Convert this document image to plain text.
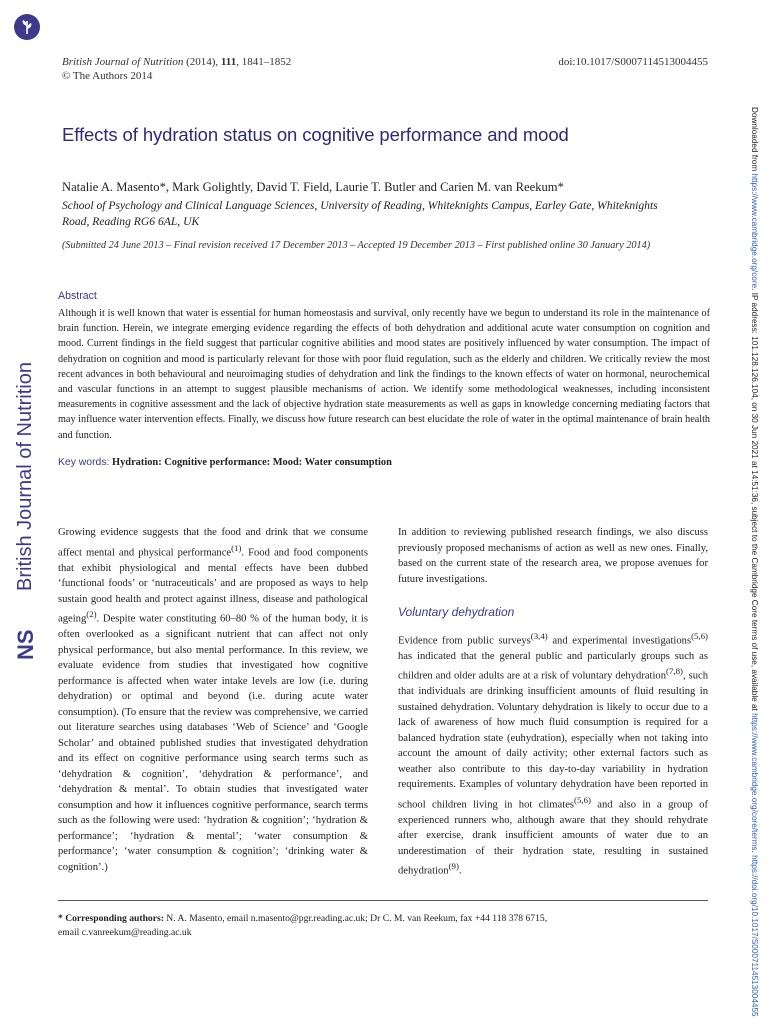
British Journal of Nutrition
NS
Downloaded from https://www.cambridge.org/core. IP address: 101.128.126.104, on 30 Jun 2021 at 14:51:36, subject to the Cambridge Core terms of use, available at https://www.cambridge.org/core/terms. https://doi.org/10.1017/S0007114513004455
British Journal of Nutrition (2014), 111, 1841–1852
© The Authors 2014
doi:10.1017/S0007114513004455
Effects of hydration status on cognitive performance and mood
Natalie A. Masento*, Mark Golightly, David T. Field, Laurie T. Butler and Carien M. van Reekum*
School of Psychology and Clinical Language Sciences, University of Reading, Whiteknights Campus, Earley Gate, Whiteknights Road, Reading RG6 6AL, UK
(Submitted 24 June 2013 – Final revision received 17 December 2013 – Accepted 19 December 2013 – First published online 30 January 2014)
Abstract
Although it is well known that water is essential for human homeostasis and survival, only recently have we begun to understand its role in the maintenance of brain function. Herein, we integrate emerging evidence regarding the effects of both dehydration and additional acute water consumption on cognition and mood. Current findings in the field suggest that particular cognitive abilities and mood states are positively influenced by water consumption. The impact of dehydration on cognition and mood is particularly relevant for those with poor fluid regulation, such as the elderly and children. We critically review the most recent advances in both behavioural and neuroimaging studies of dehydration and link the findings to the known effects of water on hormonal, neurochemical and vascular functions in an attempt to suggest plausible mechanisms of action. We identify some methodological weaknesses, including inconsistent measurements in cognitive assessment and the lack of objective hydration state measurements as well as gaps in knowledge concerning mediating factors that may influence water intervention effects. Finally, we discuss how future research can best elucidate the role of water in the optimal maintenance of brain health and function.
Key words: Hydration: Cognitive performance: Mood: Water consumption
Growing evidence suggests that the food and drink that we consume affect mental and physical performance$^{(1)}$. Food and food components that exhibit physiological and mental effects have been dubbed ‘functional foods’ or ‘nutraceuticals’ and are proposed as ways to help sustain good health and protect against illness, disease and pathological ageing$^{(2)}$. Despite water constituting 60–80 % of the human body, it is often overlooked as a significant nutrient that can affect not only physical performance, but also mental performance. In this review, we evaluate evidence from studies that investigated how cognitive performance is affected when water intake levels are low (i.e. during dehydration) or optimal and beyond (i.e. during acute water consumption). (To ensure that the review was comprehensive, we carried out literature searches using databases ‘Web of Science’ and ‘Google Scholar’ and obtained published studies that investigated dehydration and its effect on cognitive performance using search terms such as ‘dehydration & cognition’, ‘dehydration & performance’, and ‘dehydration & mental’. To obtain studies that investigated water consumption and how it influences cognitive performance, search terms such as the following were used: ‘hydration & cognition’; ‘hydration & performance’; ‘hydration & mental’; ‘water consumption & performance’; ‘water consumption & cognition’; ‘drinking water & cognition’.)

In addition to reviewing published research findings, we also discuss previously proposed mechanisms of action as well as new ones. Finally, based on the current state of the research area, we propose avenues for future investigations.

Voluntary dehydration

Evidence from public surveys$^{(3,4)}$ and experimental investigations$^{(5,6)}$ has indicated that the general public and particularly groups such as children and older adults are at a risk of voluntary dehydration$^{(7,8)}$, such that individuals are drinking insufficient amounts of fluid resulting in sustained dehydration. Voluntary dehydration is likely to occur due to a lack of awareness of how much fluid consumption is required for a balanced hydration state (euhydration), especially when not taking into account the amount of daily activity; other external factors such as weather also contribute to this day-to-day variability in hydration requirements. Examples of voluntary dehydration have been reported in school children living in hot climates$^{(5,6)}$ and also in a group of experienced runners who, although aware that they should rehydrate after exercise, drank insufficient amounts of water due to an underestimation of their hydration state, resulting in sustained dehydration$^{(9)}$.

* Corresponding authors: N. A. Masento, email n.masento@pgr.reading.ac.uk; Dr C. M. van Reekum, fax +44 118 378 6715,
email c.vanreekum@reading.ac.uk
